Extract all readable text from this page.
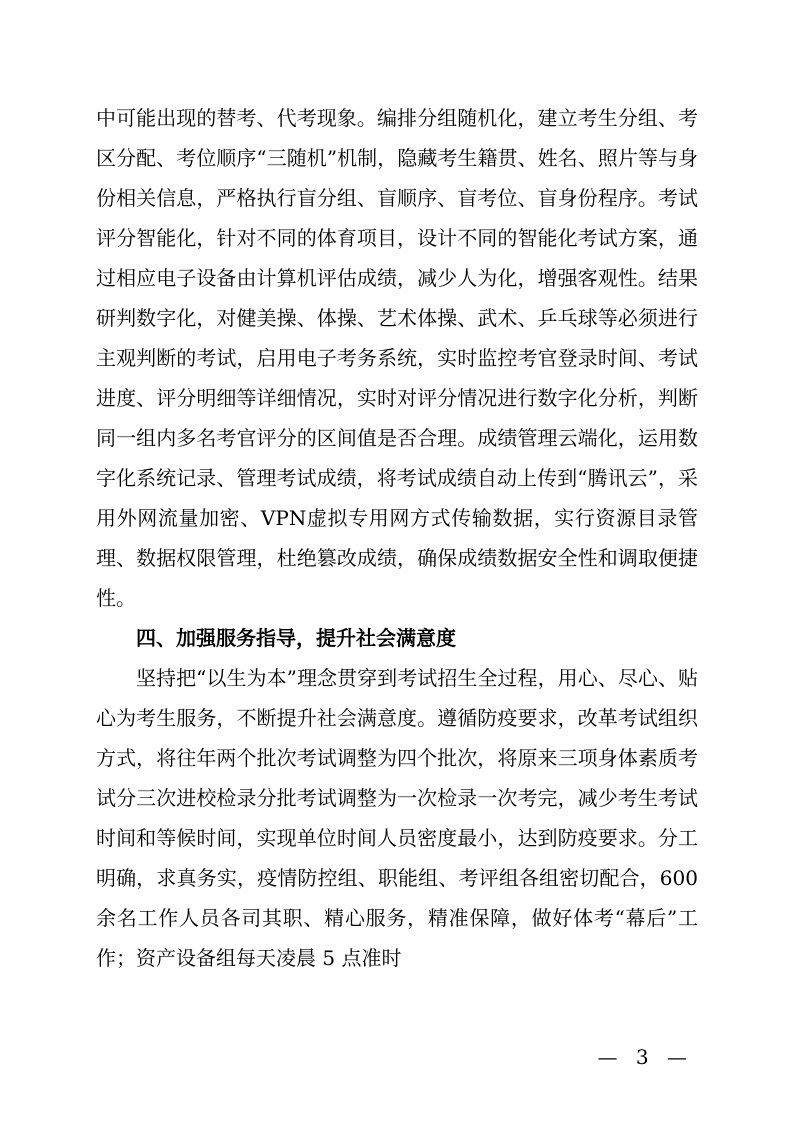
中可能出现的替考、代考现象。编排分组随机化，建立考生分组、考区分配、考位顺序“三随机”机制，隐藏考生籍贯、姓名、照片等与身份相关信息，严格执行盲分组、盲顺序、盲考位、盲身份程序。考试评分智能化，针对不同的体育项目，设计不同的智能化考试方案，通过相应电子设备由计算机评估成绩，减少人为化，增强客观性。结果研判数字化，对健美操、体操、艺术体操、武术、乒乓球等必须进行主观判断的考试，启用电子考务系统，实时监控考官登录时间、考试进度、评分明细等详细情况，实时对评分情况进行数字化分析，判断同一组内多名考官评分的区间值是否合理。成绩管理云端化，运用数字化系统记录、管理考试成绩，将考试成绩自动上传到“腾讯云”，采用外网流量加密、VPN虚拟专用网方式传输数据，实行资源目录管理、数据权限管理，杜绝篡改成绩，确保成绩数据安全性和调取便捷性。

四、加强服务指导，提升社会满意度

坚持把“以生为本”理念贯穿到考试招生全过程，用心、尽心、贴心为考生服务，不断提升社会满意度。遵循防疫要求，改革考试组织方式，将往年两个批次考试调整为四个批次，将原来三项身体素质考试分三次进校检录分批考试调整为一次检录一次考完，减少考生考试时间和等候时间，实现单位时间人员密度最小，达到防疫要求。分工明确，求真务实，疫情防控组、职能组、考评组各组密切配合，600余名工作人员各司其职、精心服务，精准保障，做好体考“幕后”工作；资产设备组每天凌晨 5 点准时

— 3 —
